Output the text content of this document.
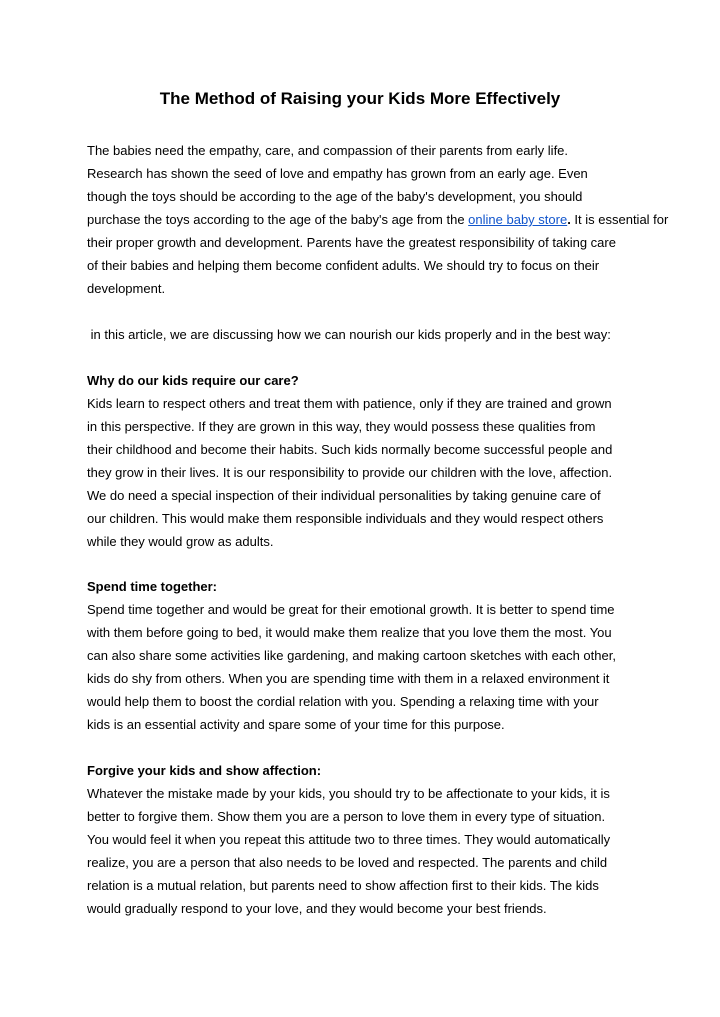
The Method of Raising your Kids More Effectively

The babies need the empathy, care, and compassion of their parents from early life.

Research has shown the seed of love and empathy has grown from an early age. Even

though the toys should be according to the age of the baby's development, you should

purchase the toys according to the age of the baby's age from the online baby store. It is essential for

their proper growth and development. Parents have the greatest responsibility of taking care

of their babies and helping them become confident adults. We should try to focus on their

development.

in this article, we are discussing how we can nourish our kids properly and in the best way:

Why do our kids require our care?

Kids learn to respect others and treat them with patience, only if they are trained and grown

in this perspective. If they are grown in this way, they would possess these qualities from

their childhood and become their habits. Such kids normally become successful people and

they grow in their lives. It is our responsibility to provide our children with the love, affection.

We do need a special inspection of their individual personalities by taking genuine care of

our children. This would make them responsible individuals and they would respect others

while they would grow as adults.

Spend time together:

Spend time together and would be great for their emotional growth. It is better to spend time

with them before going to bed, it would make them realize that you love them the most. You

can also share some activities like gardening, and making cartoon sketches with each other,

kids do shy from others. When you are spending time with them in a relaxed environment it

would help them to boost the cordial relation with you. Spending a relaxing time with your

kids is an essential activity and spare some of your time for this purpose.

Forgive your kids and show affection:

Whatever the mistake made by your kids, you should try to be affectionate to your kids, it is

better to forgive them. Show them you are a person to love them in every type of situation.

You would feel it when you repeat this attitude two to three times. They would automatically

realize, you are a person that also needs to be loved and respected. The parents and child

relation is a mutual relation, but parents need to show affection first to their kids. The kids

would gradually respond to your love, and they would become your best friends.
